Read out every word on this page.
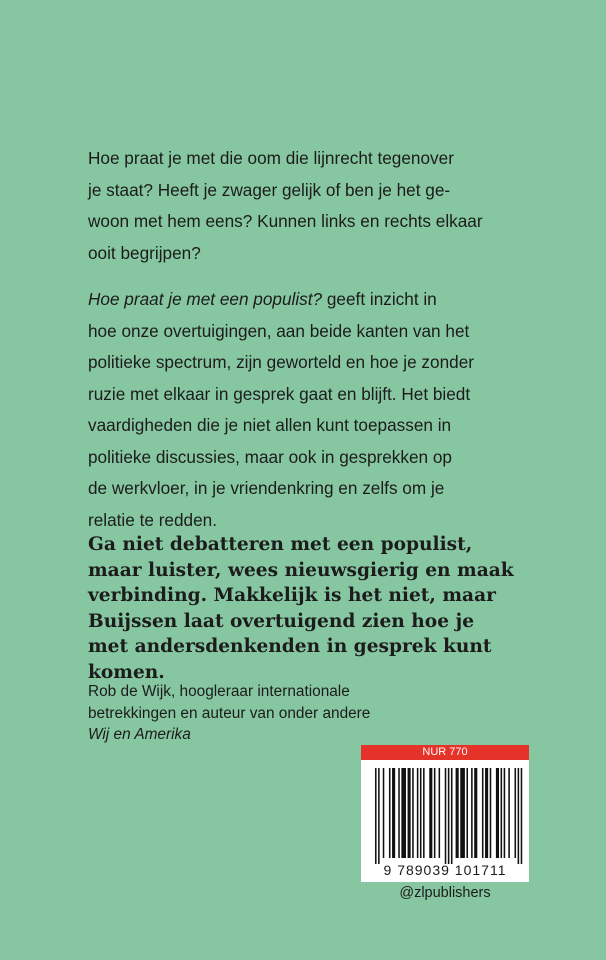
Hoe praat je met die oom die lijnrecht tegenover
je staat? Heeft je zwager gelijk of ben je het ge-
woon met hem eens? Kunnen links en rechts elkaar
ooit begrijpen?
Hoe praat je met een populist? geeft inzicht in
hoe onze overtuigingen, aan beide kanten van het
politieke spectrum, zijn geworteld en hoe je zonder
ruzie met elkaar in gesprek gaat en blijft. Het biedt
vaardigheden die je niet allen kunt toepassen in
politieke discussies, maar ook in gesprekken op
de werkvloer, in je vriendenkring en zelfs om je
relatie te redden.
Ga niet debatteren met een populist,
maar luister, wees nieuwsgierig en maak
verbinding. Makkelijk is het niet, maar
Buijssen laat overtuigend zien hoe je
met andersdenkenden in gesprek kunt
komen.
Rob de Wijk, hoogleraar internationale
betrekkingen en auteur van onder andere
Wij en Amerika
NUR 770
9 789039 101711
@zlpublishers
